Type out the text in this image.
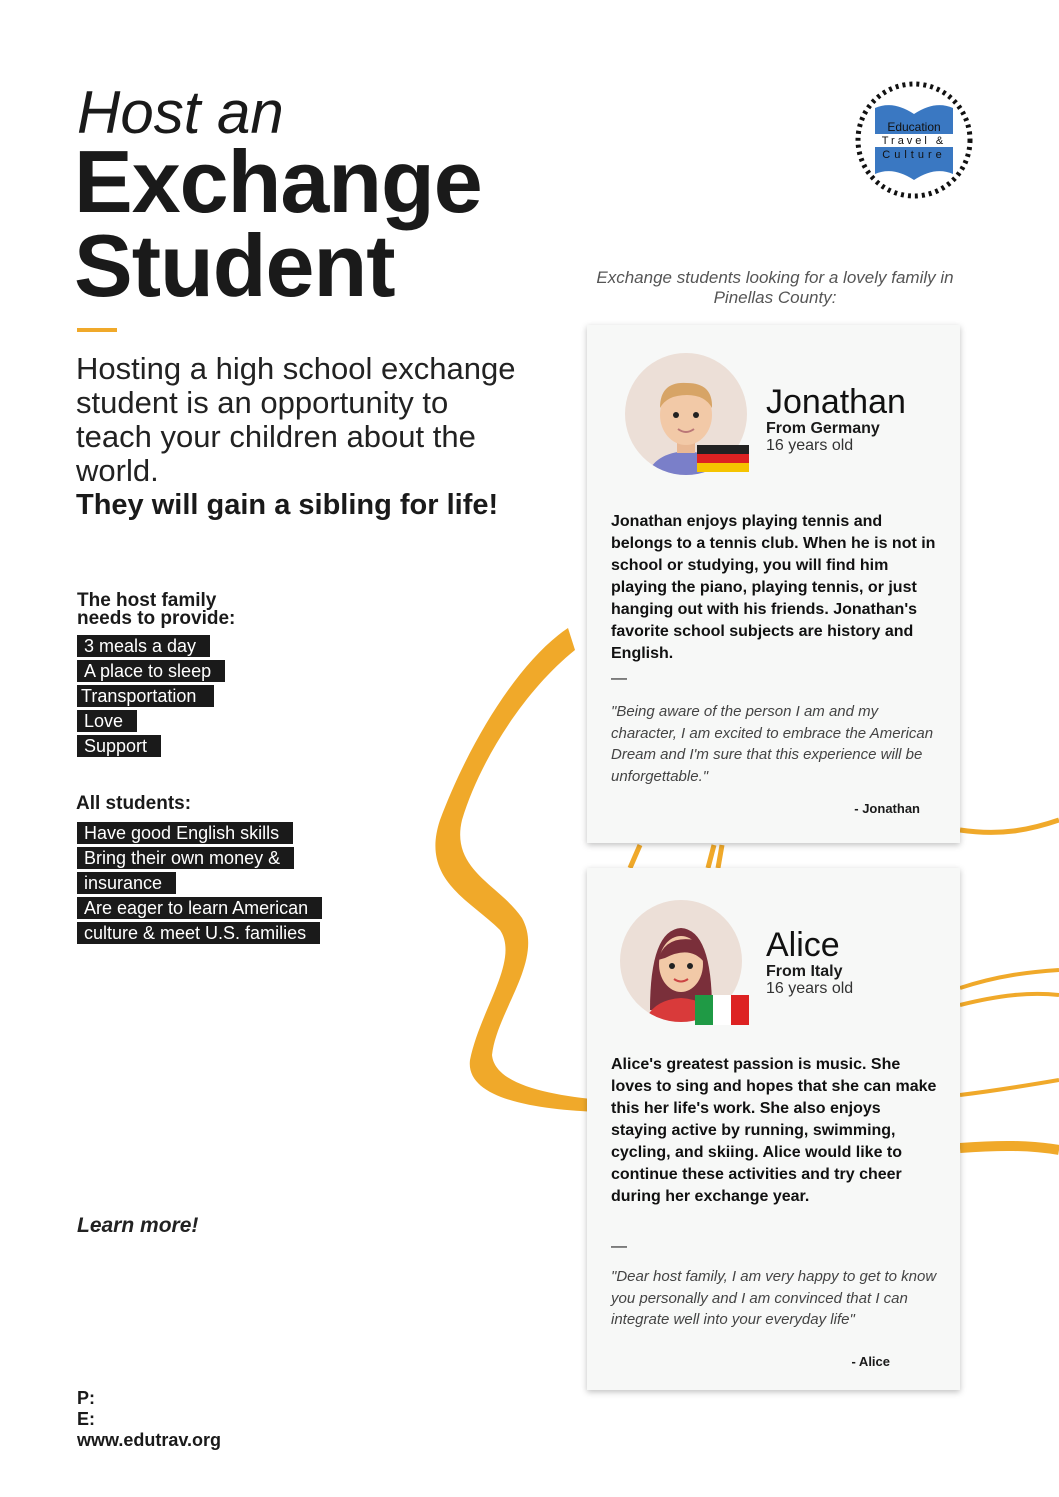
Host an
Exchange
Student
Hosting a high school exchange student is an opportunity to teach your children about the world.
They will gain a sibling for life!
The host family
needs to provide:
3 meals a day
A place to sleep
Transportation
Love
Support
All students:
Have good English skills
Bring their own money &
insurance
Are eager to learn American
culture & meet U.S. families
Learn more!
P:
E:
www.edutrav.org
Education
Travel &
Culture
Exchange students looking for a lovely family in Pinellas County:
Jonathan
From Germany
16 years old
Jonathan enjoys playing tennis and belongs to a tennis club. When he is not in school or studying, you will find him playing the piano, playing tennis, or just hanging out with his friends. Jonathan's favorite school subjects are history and English.
—
"Being aware of the person I am and my character, I am excited to embrace the American Dream and I'm sure that this experience will be unforgettable."
- Jonathan
Alice
From Italy
16 years old
Alice's greatest passion is music. She loves to sing and hopes that she can make this her life's work. She also enjoys staying active by running, swimming, cycling, and skiing. Alice would like to continue these activities and try cheer during her exchange year.
—
"Dear host family, I am very happy to get to know you personally and I am convinced that I can integrate well into your everyday life"
- Alice
